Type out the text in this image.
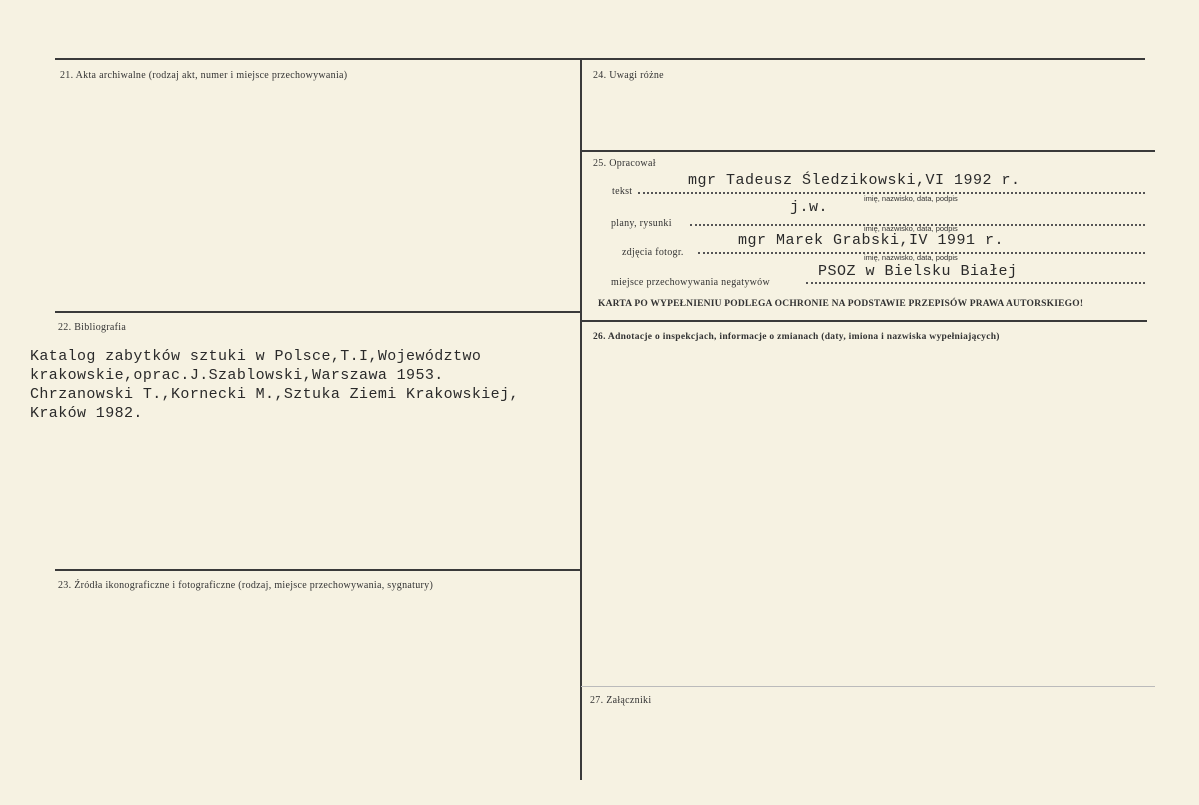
21. Akta archiwalne (rodzaj akt, numer i miejsce przechowywania)
22. Bibliografia
Katalog zabytków sztuki w Polsce,T.I,Województwo
krakowskie,oprac.J.Szablowski,Warszawa 1953.
Chrzanowski T.,Kornecki M.,Sztuka Ziemi Krakowskiej,
Kraków 1982.
23. Źródła ikonograficzne i fotograficzne (rodzaj, miejsce przechowywania, sygnatury)
24. Uwagi różne
25. Opracował
tekst
mgr Tadeusz Śledzikowski,VI 1992 r.
imię, nazwisko, data, podpis
plany, rysunki
j.w.
imię, nazwisko, data, podpis
zdjęcia fotogr.
mgr Marek Grabski,IV 1991 r.
imię, nazwisko, data, podpis
miejsce przechowywania negatywów
PSOZ w Bielsku Białej
KARTA PO WYPEŁNIENIU PODLEGA OCHRONIE NA PODSTAWIE PRZEPISÓW PRAWA AUTORSKIEGO!
26. Adnotacje o inspekcjach, informacje o zmianach (daty, imiona i nazwiska wypełniających)
27. Załączniki
